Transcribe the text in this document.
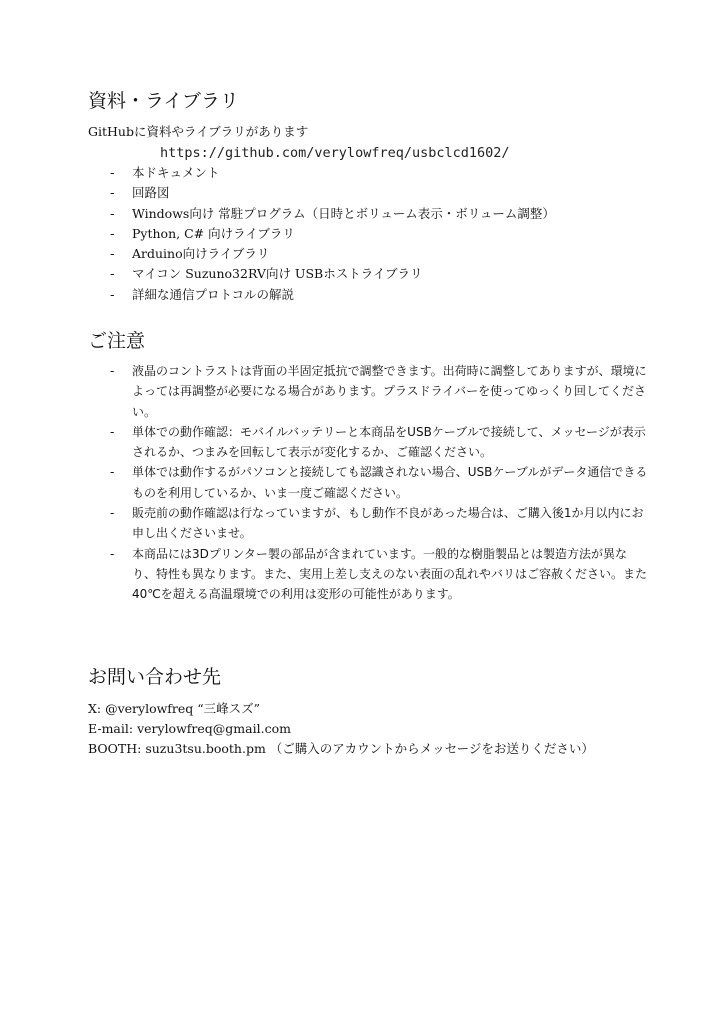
資料・ライブラリ
GitHubに資料やライブラリがあります
https://github.com/verylowfreq/usbclcd1602/
- 本ドキュメント
- 回路図
- Windows向け 常駐プログラム（日時とボリューム表示・ボリューム調整）
- Python, C# 向けライブラリ
- Arduino向けライブラリ
- マイコン Suzuno32RV向け USBホストライブラリ
- 詳細な通信プロトコルの解説
ご注意
- 液晶のコントラストは背面の半固定抵抗で調整できます。出荷時に調整してありますが、環境によっては再調整が必要になる場合があります。プラスドライバーを使ってゆっくり回してください。
- 単体での動作確認：モバイルバッテリーと本商品をUSBケーブルで接続して、メッセージが表示されるか、つまみを回転して表示が変化するか、ご確認ください。
- 単体では動作するがパソコンと接続しても認識されない場合、USBケーブルがデータ通信できるものを利用しているか、いま一度ご確認ください。
- 販売前の動作確認は行なっていますが、もし動作不良があった場合は、ご購入後1か月以内にお申し出くださいませ。
- 本商品には3Dプリンター製の部品が含まれています。一般的な樹脂製品とは製造方法が異なり、特性も異なります。また、実用上差し支えのない表面の乱れやバリはご容赦ください。また40℃を超える高温環境での利用は変形の可能性があります。
お問い合わせ先
X: @verylowfreq “三峰スズ”
E-mail: verylowfreq@gmail.com
BOOTH: suzu3tsu.booth.pm （ご購入のアカウントからメッセージをお送りください）
